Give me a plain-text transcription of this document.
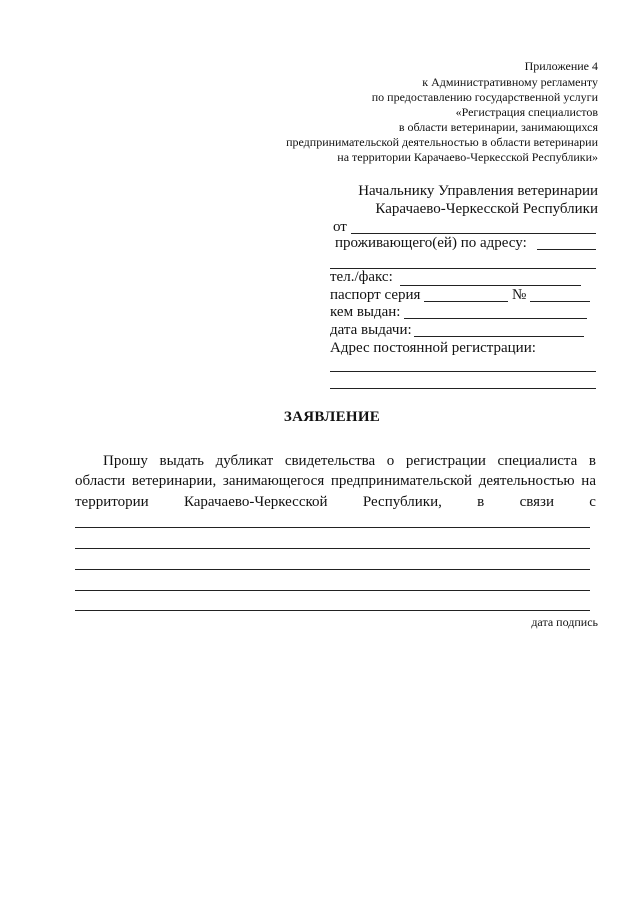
Приложение 4
к Административному регламенту
по предоставлению государственной услуги
«Регистрация специалистов
в области ветеринарии, занимающихся
предпринимательской деятельностью в области ветеринарии
на территории Карачаево-Черкесской Республики»
Начальнику Управления ветеринарии
Карачаево-Черкесской Республики
от
проживающего(ей) по адресу:
тел./факс:
паспорт серия	№
кем выдан:
дата выдачи:
Адрес постоянной регистрации:
ЗАЯВЛЕНИЕ
Прошу выдать дубликат свидетельства о регистрации специалиста в
области ветеринарии, занимающегося предпринимательской деятельностью на
территории Карачаево-Черкесской Республики, в связи с
дата подпись
